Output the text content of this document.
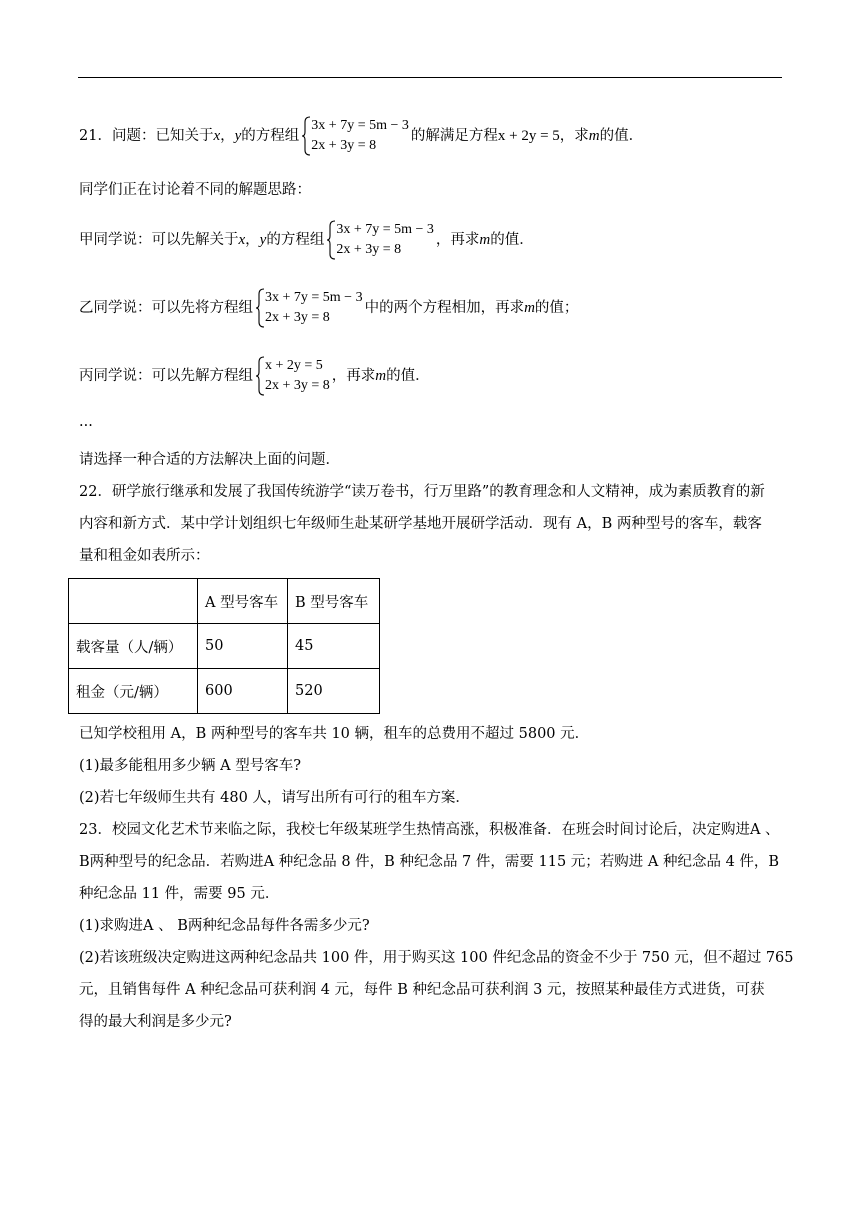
21．问题：已知关于x，y的方程组
3x + 7y = 5m − 3
2x + 3y = 8
的解满足方程x + 2y = 5，求m的值．
同学们正在讨论着不同的解题思路：
甲同学说：可以先解关于x，y的方程组
3x + 7y = 5m − 3
2x + 3y = 8
，再求m的值．
乙同学说：可以先将方程组
3x + 7y = 5m − 3
2x + 3y = 8
中的两个方程相加，再求m的值；
丙同学说：可以先解方程组
x + 2y = 5
2x + 3y = 8
，再求m的值．
···
请选择一种合适的方法解决上面的问题．
22．研学旅行继承和发展了我国传统游学“读万卷书，行万里路”的教育理念和人文精神，成为素质教育的新
内容和新方式．某中学计划组织七年级师生赴某研学基地开展研学活动．现有 A，B 两种型号的客车，载客
量和租金如表所示：
	A 型号客车	B 型号客车
载客量（人/辆）	50	45
租金（元/辆）	600	520
已知学校租用 A，B 两种型号的客车共 10 辆，租车的总费用不超过 5800 元．
(1)最多能租用多少辆 A 型号客车?
(2)若七年级师生共有 480 人，请写出所有可行的租车方案．
23．校园文化艺术节来临之际，我校七年级某班学生热情高涨，积极准备．在班会时间讨论后，决定购进A 、
B两种型号的纪念品．若购进A 种纪念品 8 件，B 种纪念品 7 件，需要 115 元；若购进 A 种纪念品 4 件，B
种纪念品 11 件，需要 95 元．
(1)求购进A 、 B两种纪念品每件各需多少元?
(2)若该班级决定购进这两种纪念品共 100 件，用于购买这 100 件纪念品的资金不少于 750 元，但不超过 765
元，且销售每件 A 种纪念品可获利润 4 元，每件 B 种纪念品可获利润 3 元，按照某种最佳方式进货，可获
得的最大利润是多少元?
